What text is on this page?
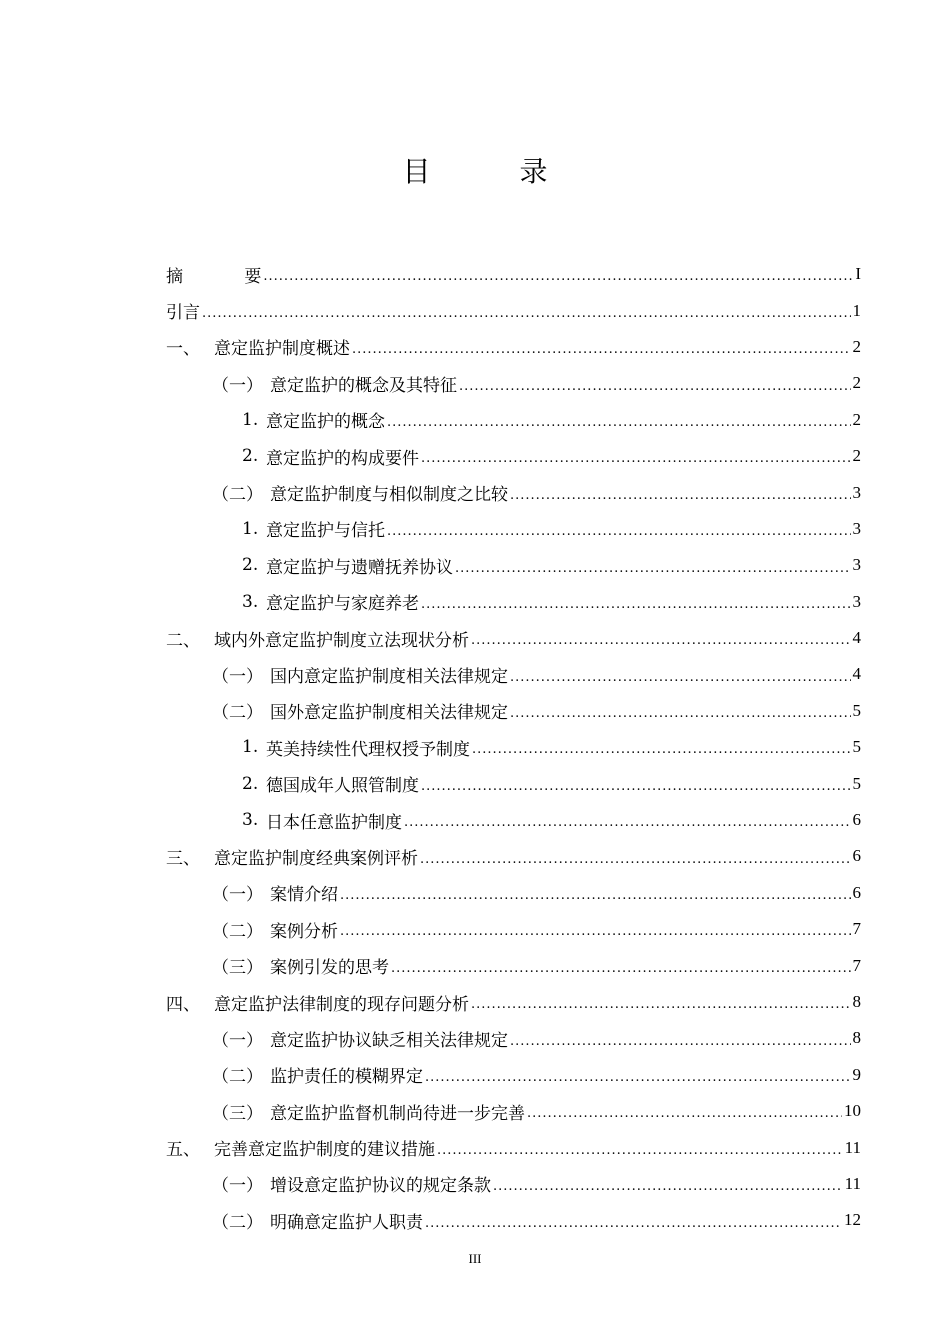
目 录
摘 要 .....	I
引言 .....	1
一、 意定监护制度概述 .....	2
（一） 意定监护的概念及其特征 .....	2
1. 意定监护的概念 .....	2
2. 意定监护的构成要件 .....	2
（二） 意定监护制度与相似制度之比较 .....	3
1. 意定监护与信托 .....	3
2. 意定监护与遗赠抚养协议 .....	3
3. 意定监护与家庭养老 .....	3
二、 域内外意定监护制度立法现状分析 .....	4
（一） 国内意定监护制度相关法律规定 .....	4
（二） 国外意定监护制度相关法律规定 .....	5
1. 英美持续性代理权授予制度 .....	5
2. 德国成年人照管制度 .....	5
3. 日本任意监护制度 .....	6
三、 意定监护制度经典案例评析 .....	6
（一） 案情介绍 .....	6
（二） 案例分析 .....	7
（三） 案例引发的思考 .....	7
四、 意定监护法律制度的现存问题分析 .....	8
（一） 意定监护协议缺乏相关法律规定 .....	8
（二） 监护责任的模糊界定 .....	9
（三） 意定监护监督机制尚待进一步完善 .....	10
五、 完善意定监护制度的建议措施 .....	11
（一） 增设意定监护协议的规定条款 .....	11
（二） 明确意定监护人职责 .....	12
III
